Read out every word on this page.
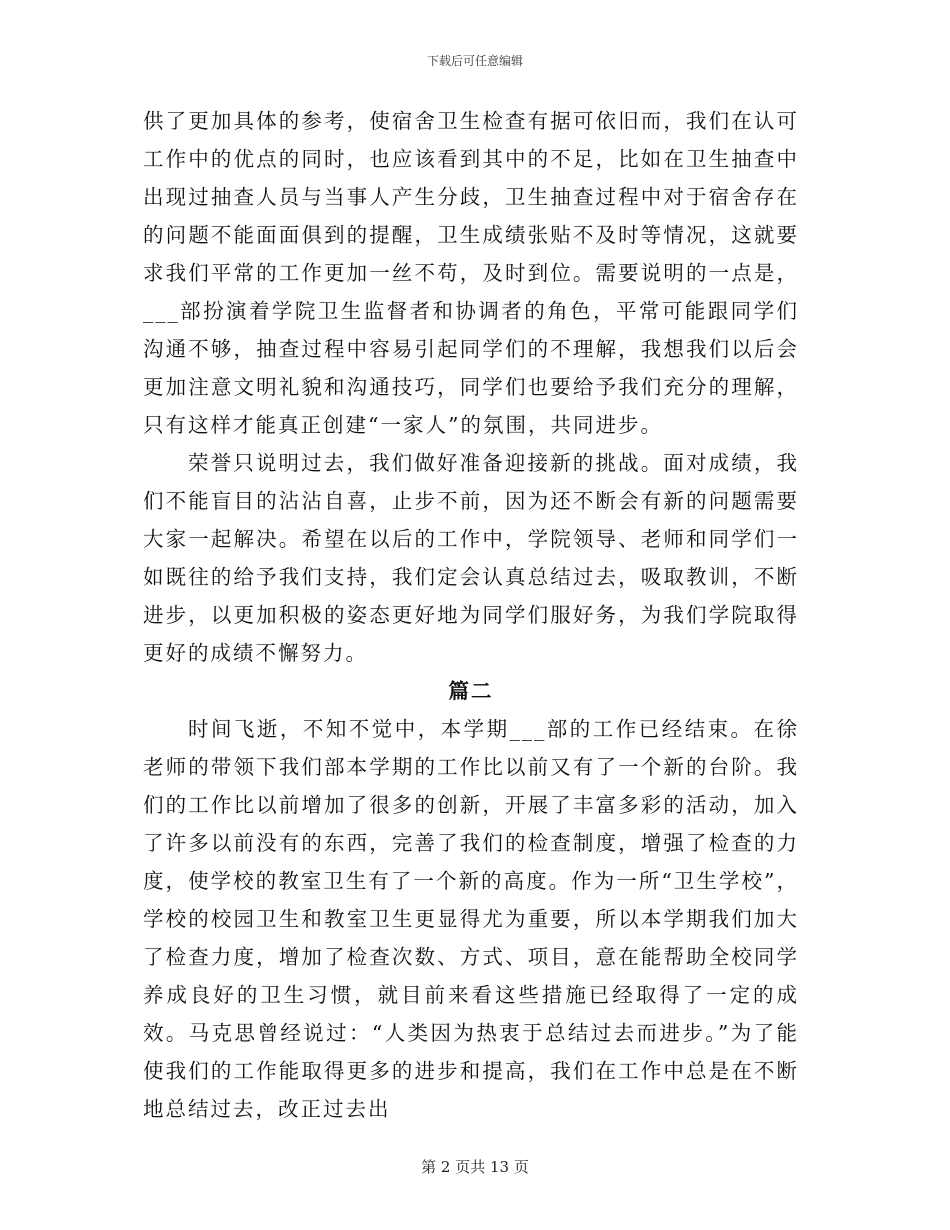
下载后可任意编辑

供了更加具体的参考，使宿舍卫生检查有据可依旧而，我们在认可工作中的优点的同时，也应该看到其中的不足，比如在卫生抽查中出现过抽查人员与当事人产生分歧，卫生抽查过程中对于宿舍存在的问题不能面面俱到的提醒，卫生成绩张贴不及时等情况，这就要求我们平常的工作更加一丝不苟，及时到位。需要说明的一点是，___部扮演着学院卫生监督者和协调者的角色，平常可能跟同学们沟通不够，抽查过程中容易引起同学们的不理解，我想我们以后会更加注意文明礼貌和沟通技巧，同学们也要给予我们充分的理解，只有这样才能真正创建“一家人”的氛围，共同进步。

荣誉只说明过去，我们做好准备迎接新的挑战。面对成绩，我们不能盲目的沾沾自喜，止步不前，因为还不断会有新的问题需要大家一起解决。希望在以后的工作中，学院领导、老师和同学们一如既往的给予我们支持，我们定会认真总结过去，吸取教训，不断进步，以更加积极的姿态更好地为同学们服好务，为我们学院取得更好的成绩不懈努力。

篇二

时间飞逝，不知不觉中，本学期___部的工作已经结束。在徐老师的带领下我们部本学期的工作比以前又有了一个新的台阶。我们的工作比以前增加了很多的创新，开展了丰富多彩的活动，加入了许多以前没有的东西，完善了我们的检查制度，增强了检查的力度，使学校的教室卫生有了一个新的高度。作为一所“卫生学校”，学校的校园卫生和教室卫生更显得尤为重要，所以本学期我们加大了检查力度，增加了检查次数、方式、项目，意在能帮助全校同学养成良好的卫生习惯，就目前来看这些措施已经取得了一定的成效。马克思曾经说过：“人类因为热衷于总结过去而进步。”为了能使我们的工作能取得更多的进步和提高，我们在工作中总是在不断地总结过去，改正过去出

第 2 页共 13 页
